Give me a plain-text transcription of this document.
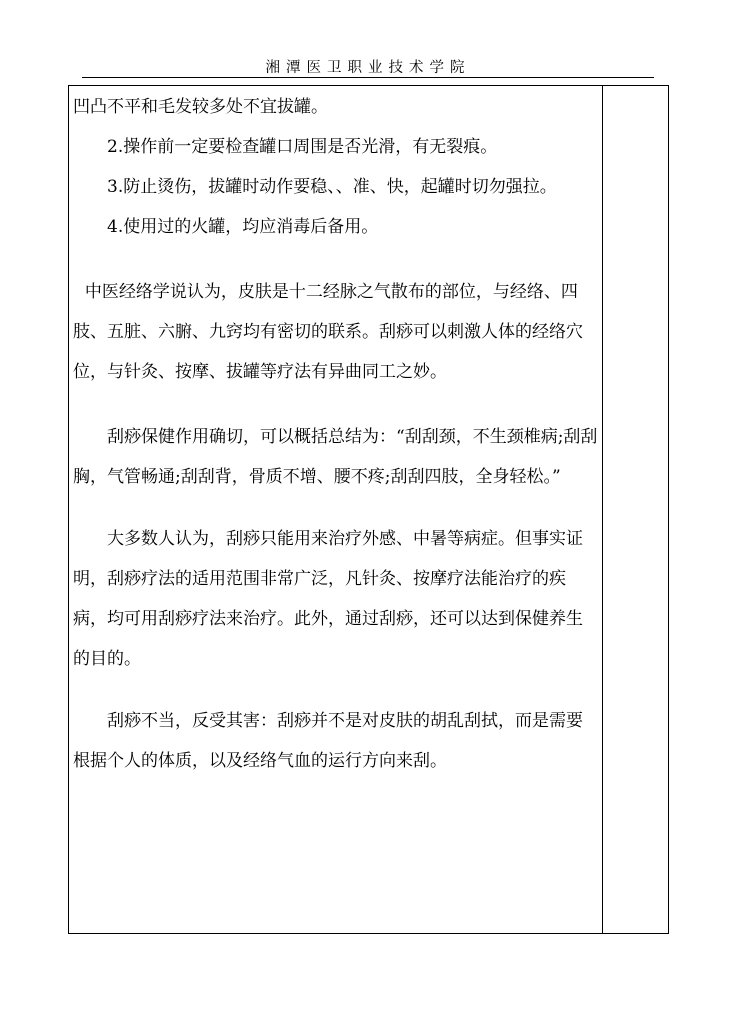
湘潭医卫职业技术学院

凹凸不平和毛发较多处不宜拔罐。

2.操作前一定要检查罐口周围是否光滑，有无裂痕。

3.防止烫伤，拔罐时动作要稳、、准、快，起罐时切勿强拉。

4.使用过的火罐，均应消毒后备用。

中医经络学说认为，皮肤是十二经脉之气散布的部位，与经络、四肢、五脏、六腑、九窍均有密切的联系。刮痧可以刺激人体的经络穴位，与针灸、按摩、拔罐等疗法有异曲同工之妙。

刮痧保健作用确切，可以概括总结为：“刮刮颈，不生颈椎病;刮刮胸，气管畅通;刮刮背，骨质不增、腰不疼;刮刮四肢，全身轻松。”

大多数人认为，刮痧只能用来治疗外感、中暑等病症。但事实证明，刮痧疗法的适用范围非常广泛，凡针灸、按摩疗法能治疗的疾病，均可用刮痧疗法来治疗。此外，通过刮痧，还可以达到保健养生的目的。

刮痧不当，反受其害：刮痧并不是对皮肤的胡乱刮拭，而是需要根据个人的体质，以及经络气血的运行方向来刮。
